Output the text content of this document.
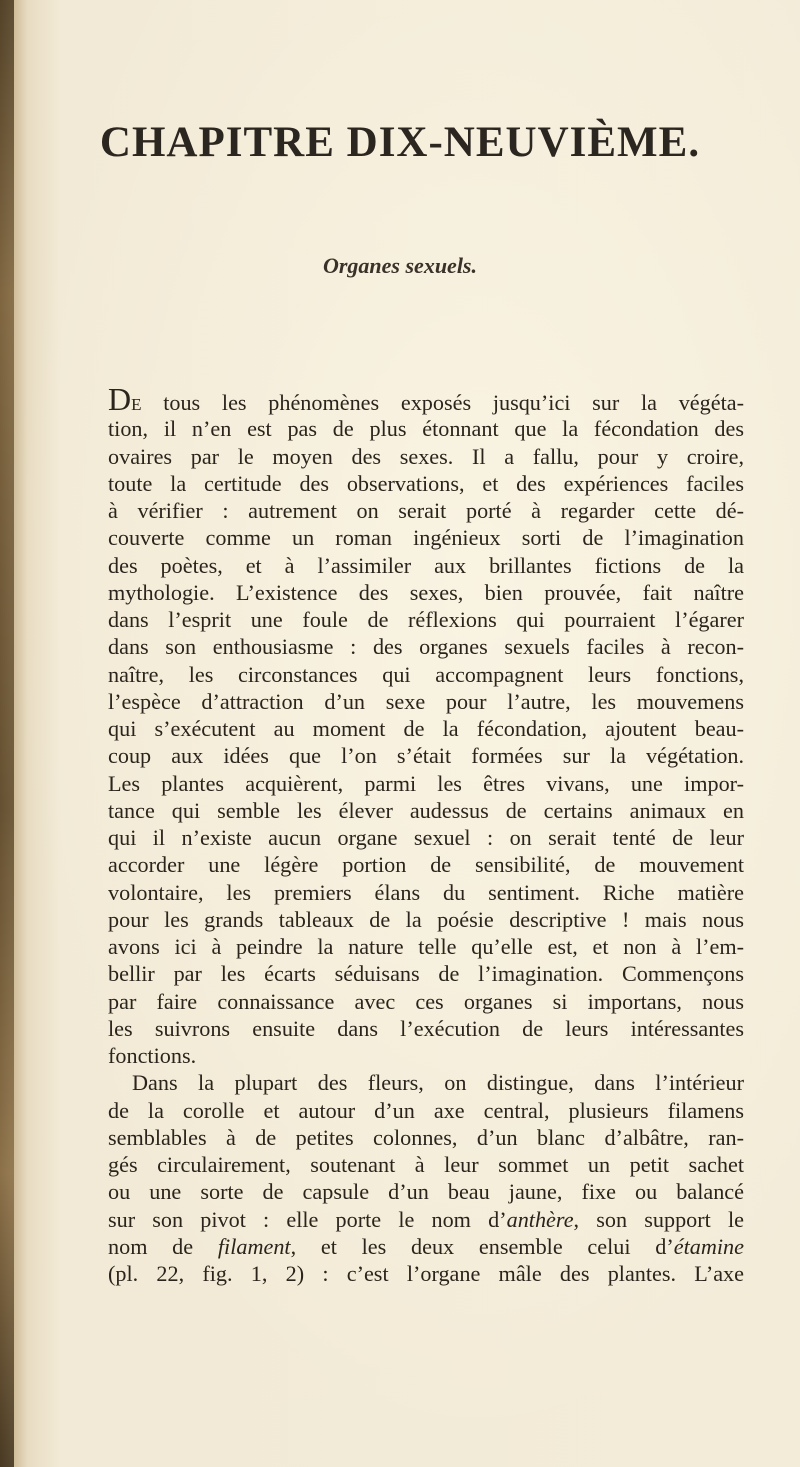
CHAPITRE DIX-NEUVIÈME.
Organes sexuels.
DE tous les phénomènes exposés jusqu’ici sur la végéta-
tion, il n’en est pas de plus étonnant que la fécondation des
ovaires par le moyen des sexes. Il a fallu, pour y croire,
toute la certitude des observations, et des expériences faciles
à vérifier : autrement on serait porté à regarder cette dé-
couverte comme un roman ingénieux sorti de l’imagination
des poètes, et à l’assimiler aux brillantes fictions de la
mythologie. L’existence des sexes, bien prouvée, fait naître
dans l’esprit une foule de réflexions qui pourraient l’égarer
dans son enthousiasme : des organes sexuels faciles à recon-
naître, les circonstances qui accompagnent leurs fonctions,
l’espèce d’attraction d’un sexe pour l’autre, les mouvemens
qui s’exécutent au moment de la fécondation, ajoutent beau-
coup aux idées que l’on s’était formées sur la végétation.
Les plantes acquièrent, parmi les êtres vivans, une impor-
tance qui semble les élever audessus de certains animaux en
qui il n’existe aucun organe sexuel : on serait tenté de leur
accorder une légère portion de sensibilité, de mouvement
volontaire, les premiers élans du sentiment. Riche matière
pour les grands tableaux de la poésie descriptive ! mais nous
avons ici à peindre la nature telle qu’elle est, et non à l’em-
bellir par les écarts séduisans de l’imagination. Commençons
par faire connaissance avec ces organes si importans, nous
les suivrons ensuite dans l’exécution de leurs intéressantes
fonctions.
Dans la plupart des fleurs, on distingue, dans l’intérieur
de la corolle et autour d’un axe central, plusieurs filamens
semblables à de petites colonnes, d’un blanc d’albâtre, ran-
gés circulairement, soutenant à leur sommet un petit sachet
ou une sorte de capsule d’un beau jaune, fixe ou balancé
sur son pivot : elle porte le nom d’anthère, son support le
nom de filament, et les deux ensemble celui d’étamine
(pl. 22, fig. 1, 2) : c’est l’organe mâle des plantes. L’axe
